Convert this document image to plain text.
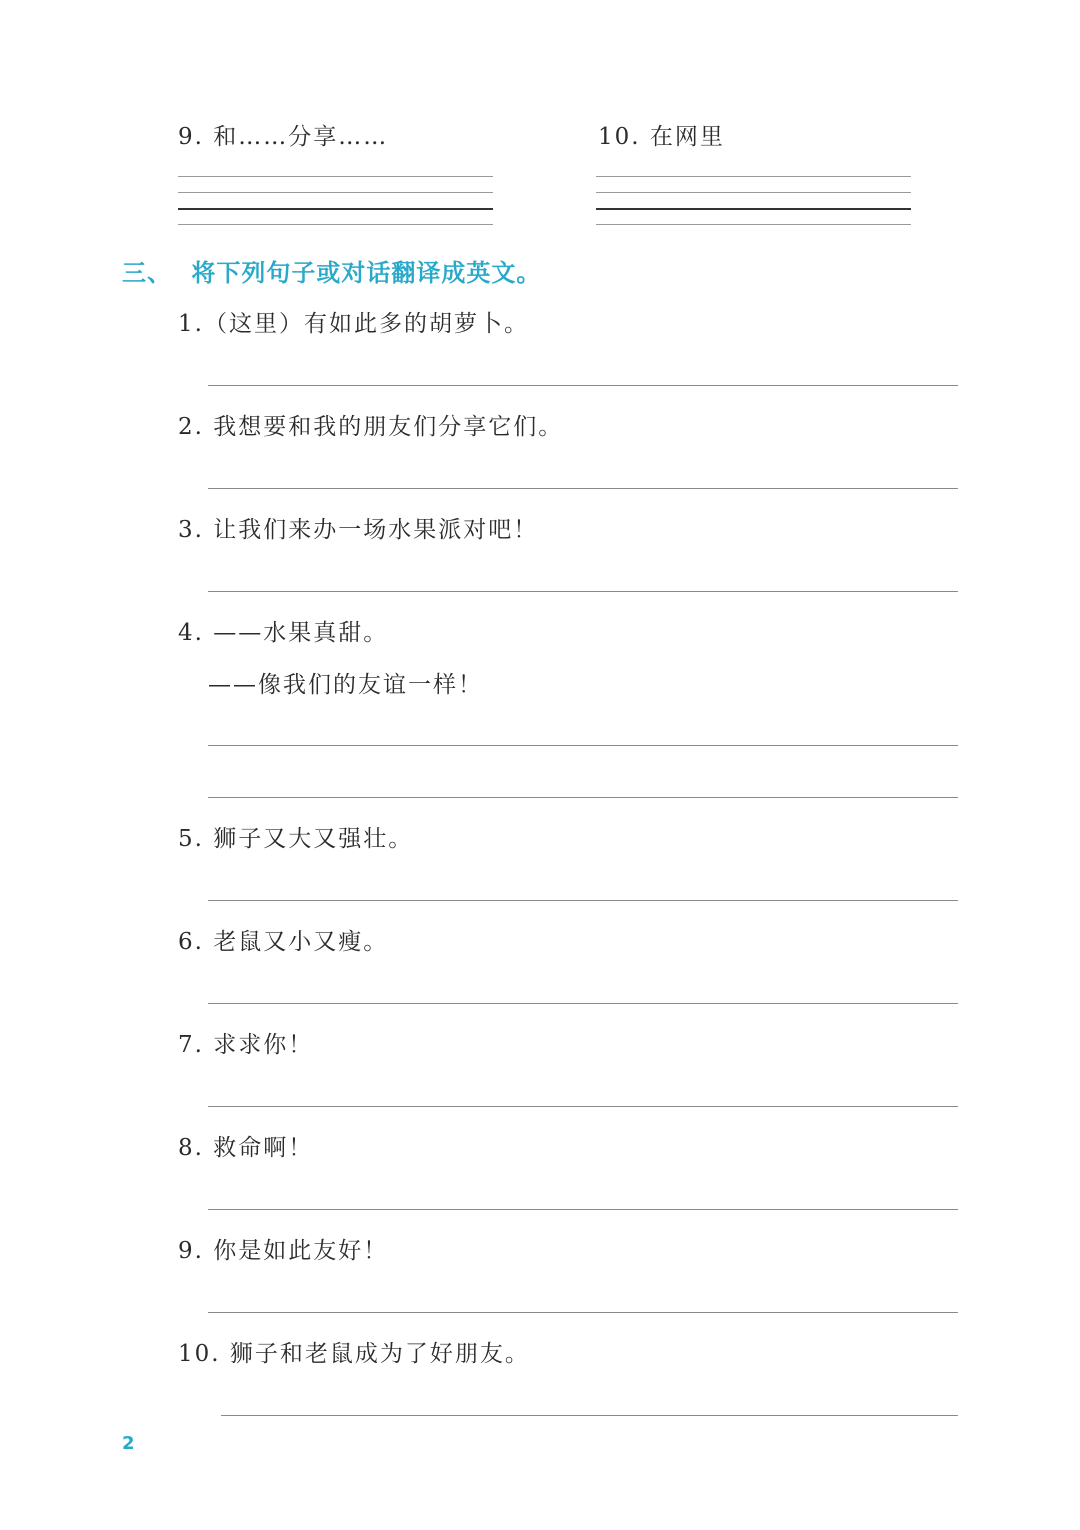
9. 和……分享……	10. 在网里
三、 将下列句子或对话翻译成英文。
1.（这里）有如此多的胡萝卜。
2. 我想要和我的朋友们分享它们。
3. 让我们来办一场水果派对吧！
4. ——水果真甜。
——像我们的友谊一样！
5. 狮子又大又强壮。
6. 老鼠又小又瘦。
7. 求求你！
8. 救命啊！
9. 你是如此友好！
10. 狮子和老鼠成为了好朋友。
2
